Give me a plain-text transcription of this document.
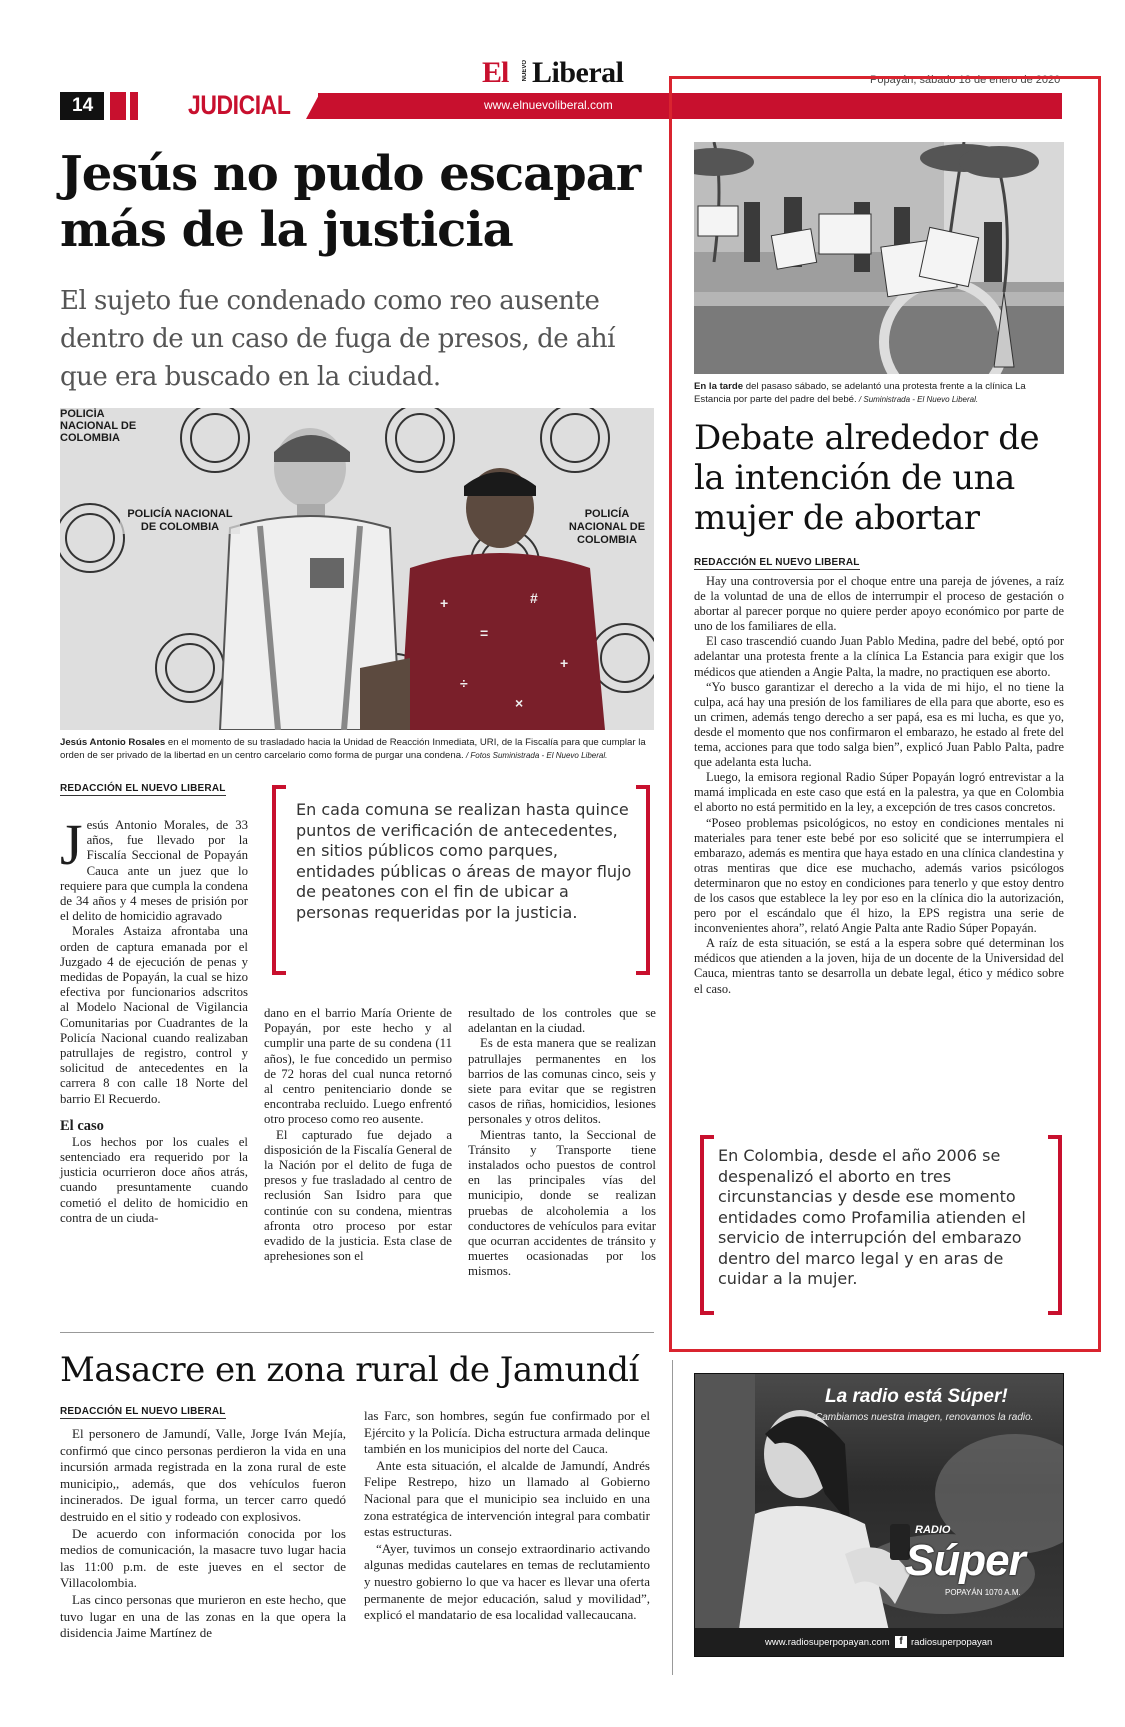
El NUEVO Liberal	Popayán, sábado 18 de enero de 2020
14	JUDICIAL	www.elnuevoliberal.com
Jesús no pudo escapar más de la justicia
El sujeto fue condenado como reo ausente dentro de un caso de fuga de presos, de ahí que era buscado en la ciudad.
+
=
#
+
÷
×
POLICÍA NACIONAL DE COLOMBIA
POLICÍA NACIONAL DE COLOMBIA
POLICÍA NACIONAL DE COLOMBIA
Jesús Antonio Rosales en el momento de su trasladado hacia la Unidad de Reacción Inmediata, URI, de la Fiscalía para que cumplar la orden de ser privado de la libertad en un centro carcelario como forma de purgar una condena. / Fotos Suministrada - El Nuevo Liberal.
REDACCIÓN EL NUEVO LIBERAL
En cada comuna se realizan hasta quince puntos de verificación de antecedentes, en sitios públicos como parques, entidades públicas o áreas de mayor flujo de peatones con el fin de ubicar a personas requeridas por la justicia.

Jesús Antonio Morales, de 33 años, fue llevado por la Fiscalía Seccional de Popayán Cauca ante un juez que lo requiere para que cumpla la condena de 34 años y 4 meses de prisión por el delito de homicidio agravado

Morales Astaiza afrontaba una orden de captura emanada por el Juzgado 4 de ejecución de penas y medidas de Popayán, la cual se hizo efectiva por funcionarios adscritos al Modelo Nacional de Vigilancia Comunitarias por Cuadrantes de la Policía Nacional cuando realizaban patrullajes de registro, control y solicitud de antecedentes en la carrera 8 con calle 18 Norte del barrio El Recuerdo.

El caso

Los hechos por los cuales el sentenciado era requerido por la justicia ocurrieron doce años atrás, cuando presuntamente cuando cometió el delito de homicidio en contra de un ciuda-

dano en el barrio María Oriente de Popayán, por este hecho y al cumplir una parte de su condena (11 años), le fue concedido un permiso de 72 horas del cual nunca retornó al centro penitenciario donde se encontraba recluido. Luego enfrentó otro proceso como reo ausente.

El capturado fue dejado a disposición de la Fiscalía General de la Nación por el delito de fuga de presos y fue trasladado al centro de reclusión San Isidro para que continúe con su condena, mientras afronta otro proceso por estar evadido de la justicia. Esta clase de aprehesiones son el

resultado de los controles que se adelantan en la ciudad.

Es de esta manera que se realizan patrullajes permanentes en los barrios de las comunas cinco, seis y siete para evitar que se registren casos de riñas, homicidios, lesiones personales y otros delitos.

Mientras tanto, la Seccional de Tránsito y Transporte tiene instalados ocho puestos de control en las principales vías del municipio, donde se realizan pruebas de alcoholemia a los conductores de vehículos para evitar que ocurran accidentes de tránsito y muertes ocasionadas por los mismos.

En la tarde del pasaso sábado, se adelantó una protesta frente a la clínica La Estancia por parte del padre del bebé. / Suministrada - El Nuevo Liberal.
Debate alrededor de la intención de una mujer de abortar
REDACCIÓN EL NUEVO LIBERAL

Hay una controversia por el choque entre una pareja de jóvenes, a raíz de la voluntad de una de ellos de interrumpir el proceso de gestación o abortar al parecer porque no quiere perder apoyo económico por parte de uno de los familiares de ella.

El caso trascendió cuando Juan Pablo Medina, padre del bebé, optó por adelantar una protesta frente a la clínica La Estancia para exigir que los médicos que atienden a Angie Palta, la madre, no practiquen ese aborto.

“Yo busco garantizar el derecho a la vida de mi hijo, el no tiene la culpa, acá hay una presión de los familiares de ella para que aborte, eso es un crimen, además tengo derecho a ser papá, esa es mi lucha, es que yo, desde el momento que nos confirmaron el embarazo, he estado al frete del tema, acciones para que todo salga bien”, explicó Juan Pablo Palta, padre que adelanta esta lucha.

Luego, la emisora regional Radio Súper Popayán logró entrevistar a la mamá implicada en este caso que está en la palestra, ya que en Colombia el aborto no está permitido en la ley, a excepción de tres casos concretos.

“Poseo problemas psicológicos, no estoy en condiciones mentales ni materiales para tener este bebé por eso solicité que se interrumpiera el embarazo, además es mentira que haya estado en una clínica clandestina y otras mentiras que dice ese muchacho, además varios psicólogos determinaron que no estoy en condiciones para tenerlo y que estoy dentro de los casos que establece la ley por eso en la clínica dio la autorización, pero por el escándalo que él hizo, la EPS registra una serie de inconvenientes ahora”, relató Angie Palta ante Radio Súper Popayán.

A raíz de esta situación, se está a la espera sobre qué determinan los médicos que atienden a la joven, hija de un docente de la Universidad del Cauca, mientras tanto se desarrolla un debate legal, ético y médico sobre el caso.

En Colombia, desde el año 2006 se despenalizó el aborto en tres circunstancias y desde ese momento entidades como Profamilia atienden el servicio de interrupción del embarazo dentro del marco legal y en aras de cuidar a la mujer.
Masacre en zona rural de Jamundí
REDACCIÓN EL NUEVO LIBERAL

El personero de Jamundí, Valle, Jorge Iván Mejía, confirmó que cinco personas perdieron la vida en una incursión armada registrada en la zona rural de este municipio,, además, que dos vehículos fueron incinerados. De igual forma, un tercer carro quedó destruido en el sitio y rodeado con explosivos.

De acuerdo con información conocida por los medios de comunicación, la masacre tuvo lugar hacia las 11:00 p.m. de este jueves en el sector de Villacolombia.

Las cinco personas que murieron en este hecho, que tuvo lugar en una de las zonas en la que opera la disidencia Jaime Martínez de

las Farc, son hombres, según fue confirmado por el Ejército y la Policía. Dicha estructura armada delinque también en los municipios del norte del Cauca.

Ante esta situación, el alcalde de Jamundí, Andrés Felipe Restrepo, hizo un llamado al Gobierno Nacional para que el municipio sea incluido en una zona estratégica de intervención integral para combatir estas estructuras.

“Ayer, tuvimos un consejo extraordinario activando algunas medidas cautelares en temas de reclutamiento y nuestro gobierno lo que va hacer es llevar una oferta permanente de mejor educación, salud y movilidad”, explicó el mandatario de esa localidad vallecaucana.

La radio está Súper!
Cambiamos nuestra imagen, renovamos la radio.
RADIO
Súper
POPAYÁN 1070 A.M.
www.radiosuperpopayan.com f radiosuperpopayan
